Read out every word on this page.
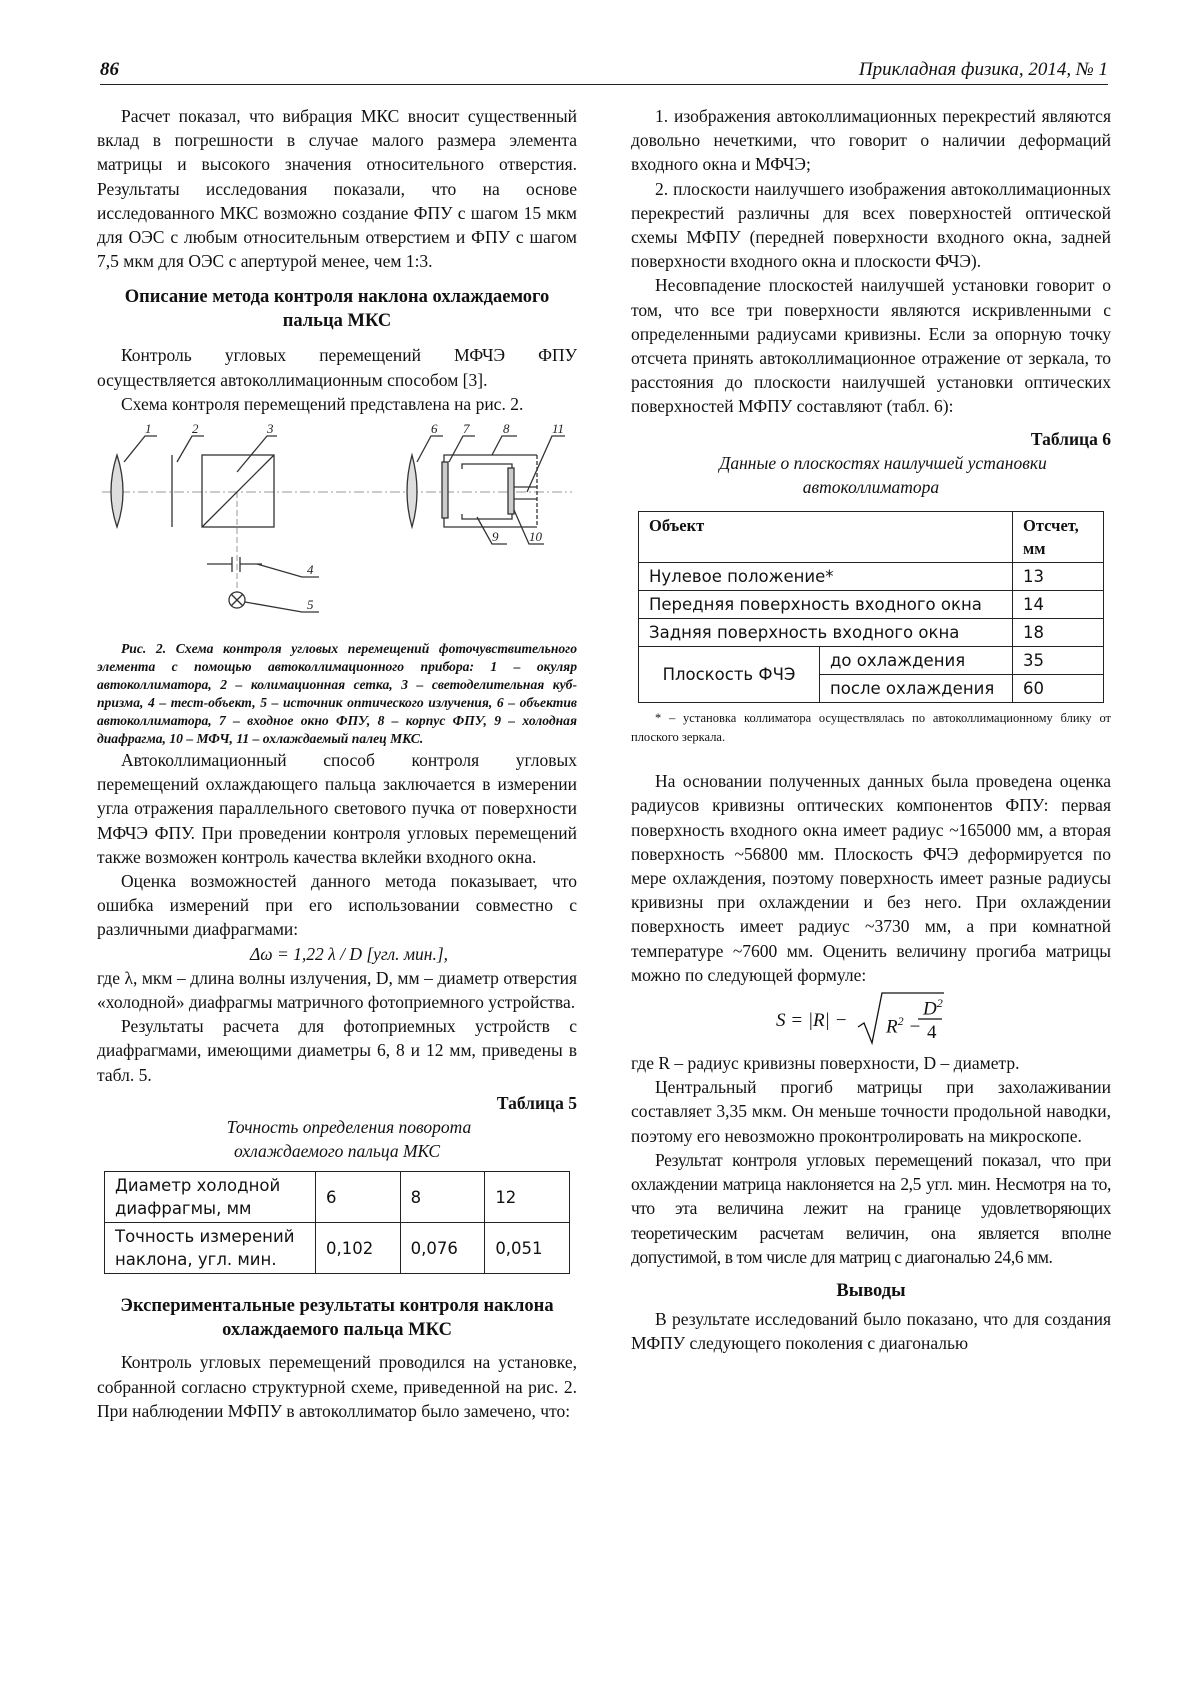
86	Прикладная физика, 2014, № 1

Расчет показал, что вибрация МКС вносит существенный вклад в погрешности в случае малого размера элемента матрицы и высокого значения относительного отверстия. Результаты исследования показали, что на основе исследованного МКС возможно создание ФПУ с шагом 15 мкм для ОЭС с любым относительным отверстием и ФПУ с шагом 7,5 мкм для ОЭС с апертурой менее, чем 1:3.

Описание метода контроля наклона охлаждаемого пальца МКС

Контроль угловых перемещений МФЧЭ ФПУ осуществляется автоколлимационным способом [3].

Схема контроля перемещений представлена на рис. 2.

1	2	3
4
5
6 7	8
9 10
11

Рис. 2. Схема контроля угловых перемещений фоточувствительного элемента с помощью автоколлимационного прибора: 1 – окуляр автоколлиматора, 2 – колимационная сетка, 3 – светоделительная куб-призма, 4 – тест-объект, 5 – источник оптического излучения, 6 – объектив автоколлиматора, 7 – входное окно ФПУ, 8 – корпус ФПУ, 9 – холодная диафрагма, 10 – МФЧ, 11 – охлаждаемый палец МКС.

Автоколлимационный способ контроля угловых перемещений охлаждающего пальца заключается в измерении угла отражения параллельного светового пучка от поверхности МФЧЭ ФПУ. При проведении контроля угловых перемещений также возможен контроль качества вклейки входного окна.

Оценка возможностей данного метода показывает, что ошибка измерений при его использовании совместно с различными диафрагмами:

Δω = 1,22 λ / D [угл. мин.],

где λ, мкм – длина волны излучения, D, мм – диаметр отверстия «холодной» диафрагмы матричного фотоприемного устройства.

Результаты расчета для фотоприемных устройств с диафрагмами, имеющими диаметры 6, 8 и 12 мм, приведены в табл. 5.

Таблица 5

Точность определения поворота охлаждаемого пальца МКС

Диаметр холодной диафрагмы, мм	6	8	12
Точность измерений наклона, угл. мин.	0,102	0,076	0,051
Экспериментальные результаты контроля наклона охлаждаемого пальца МКС

Контроль угловых перемещений проводился на установке, собранной согласно структурной схеме, приведенной на рис. 2. При наблюдении МФПУ в автоколлиматор было замечено, что:

1. изображения автоколлимационных перекрестий являются довольно нечеткими, что говорит о наличии деформаций входного окна и МФЧЭ;

2. плоскости наилучшего изображения автоколлимационных перекрестий различны для всех поверхностей оптической схемы МФПУ (передней поверхности входного окна, задней поверхности входного окна и плоскости ФЧЭ).

Несовпадение плоскостей наилучшей установки говорит о том, что все три поверхности являются искривленными с определенными радиусами кривизны. Если за опорную точку отсчета принять автоколлимационное отражение от зеркала, то расстояния до плоскости наилучшей установки оптических поверхностей МФПУ составляют (табл. 6):

Таблица 6

Данные о плоскостях наилучшей установки автоколлиматора

Объект		Отсчет, мм
Нулевое положение*		13
Передняя поверхность входного окна		14
Задняя поверхность входного окна		18
Плоскость ФЧЭ	до охлаждения	35
	после охлаждения	60

* – установка коллиматора осуществлялась по автоколлимационному блику от плоского зеркала.

На основании полученных данных была проведена оценка радиусов кривизны оптических компонентов ФПУ: первая поверхность входного окна имеет радиус ~165000 мм, а вторая поверхность ~56800 мм. Плоскость ФЧЭ деформируется по мере охлаждения, поэтому поверхность имеет разные радиусы кривизны при охлаждении и без него. При охлаждении поверхность имеет радиус ~3730 мм, а при комнатной температуре ~7600 мм. Оценить величину прогиба матрицы можно по следующей формуле:

$S = |R| - R^2$ −
$D^2$
4

где R – радиус кривизны поверхности, D – диаметр.

Центральный прогиб матрицы при захолаживании составляет 3,35 мкм. Он меньше точности продольной наводки, поэтому его невозможно проконтролировать на микроскопе.

Результат контроля угловых перемещений показал, что при охлаждении матрица наклоняется на 2,5 угл. мин. Несмотря на то, что эта величина лежит на границе удовлетворяющих теоретическим расчетам величин, она является вполне допустимой, в том числе для матриц с диагональю 24,6 мм.

Выводы

В результате исследований было показано, что для создания МФПУ следующего поколения с диагональю
